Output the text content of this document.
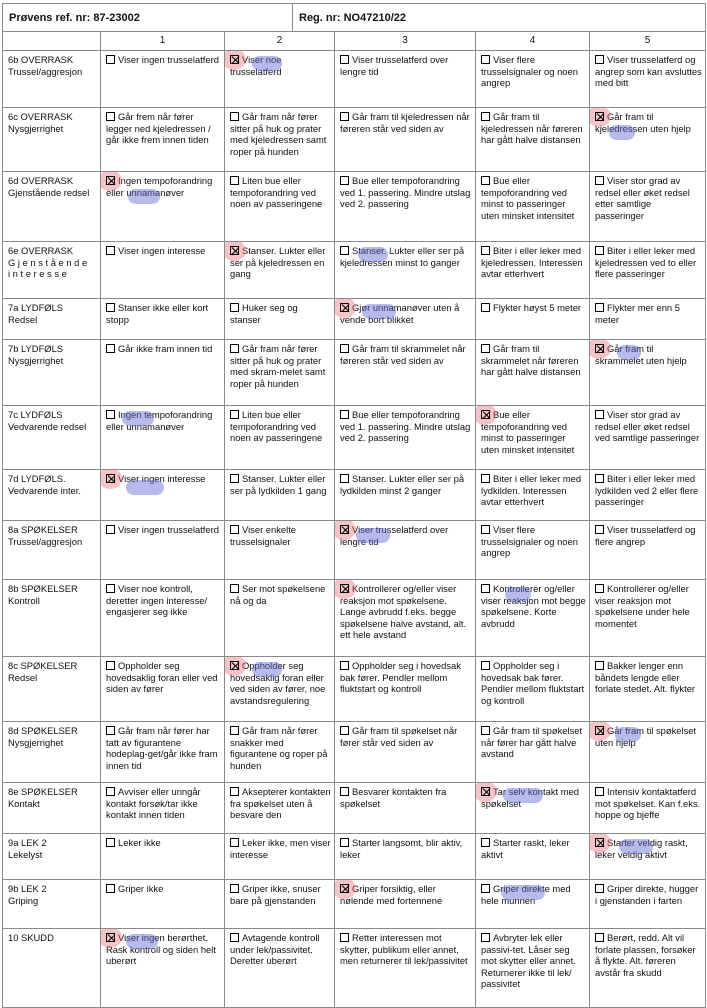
Prøvens ref. nr: 87-23002	Reg. nr: NO47210/22
	1	2	3	4	5

6b OVERRASK
Trussel/aggresjon	Viser ingen trusselatferd	Viser noe trusselatferd	Viser trusselatferd over lengre tid	Viser flere trusselsignaler og noen angrep	Viser trusselatferd og angrep som kan avsluttes med bitt

6c OVERRASK
Nysgjerrighet	Går frem når fører legger ned kjeledressen / går ikke frem innen tiden	Går fram når fører sitter på huk og prater med kjeledressen samt roper på hunden	Går fram til kjeledressen når føreren står ved siden av	Går fram til kjeledressen når føreren har gått halve distansen	Går fram til kjeledressen uten hjelp

6d OVERRASK
Gjenstående redsel	Ingen tempoforandring eller unnamanøver	Liten bue eller tempoforandring ved noen av passeringene	Bue eller tempoforandring ved 1. passering. Mindre utslag ved 2. passering	Bue eller tempoforandring ved minst to passeringer uten minsket intensitet	Viser stor grad av redsel eller øket redsel etter samtlige passeringer

6e OVERRASK
Gjenstående interesse	Viser ingen interesse	Stanser. Lukter eller ser på kjeledressen en gang	Stanser. Lukter eller ser på kjeledressen minst to ganger	Biter i eller leker med kjeledressen. Interessen avtar etterhvert	Biter i eller leker med kjeledressen ved to eller flere passeringer

7a LYDFØLS
Redsel	Stanser ikke eller kort stopp	Huker seg og stanser	Gjør unnamanøver uten å vende bort blikket	Flykter høyst 5 meter	Flykter mer enn 5 meter

7b LYDFØLS
Nysgjerrighet	Går ikke fram innen tid	Går fram når fører sitter på huk og prater med skram-melet samt roper på hunden	Går fram til skrammelet når føreren står ved siden av	Går fram til skrammelet når føreren har gått halve distansen	Går fram til skrammelet uten hjelp

7c LYDFØLS
Vedvarende redsel	Ingen tempoforandring eller unnamanøver	Liten bue eller tempoforandring ved noen av passeringene	Bue eller tempoforandring ved 1. passering. Mindre utslag ved 2. passering	Bue eller tempoforandring ved minst to passeringer uten minsket intensitet	Viser stor grad av redsel eller øket redsel ved samtlige passeringer

7d LYDFØLS.
Vedvarende inter.	Viser ingen interesse	Stanser. Lukter eller ser på lydkilden 1 gang	Stanser. Lukter eller ser på lydkilden minst 2 ganger	Biter i eller leker med lydkilden. Interessen avtar etterhvert	Biter i eller leker med lydkilden ved 2 eller flere passeringer

8a SPØKELSER
Trussel/aggresjon	Viser ingen trusselatferd	Viser enkelte trusselsignaler	Viser trusselatferd over lengre tid	Viser flere trusselsignaler og noen angrep	Viser trusselatferd og flere angrep

8b SPØKELSER
Kontroll	Viser noe kontroll, deretter ingen interesse/ engasjerer seg ikke	Ser mot spøkelsene nå og da	Kontrollerer og/eller viser reaksjon mot spøkelsene. Lange avbrudd f.eks. begge spøkelsene halve avstand, alt. ett hele avstand	Kontrollerer og/eller viser reaksjon mot begge spøkelsene. Korte avbrudd	Kontrollerer og/eller viser reaksjon mot spøkelsene under hele momentet

8c SPØKELSER
Redsel	Oppholder seg hovedsaklig foran eller ved siden av fører	Oppholder seg hovedsaklig foran eller ved siden av fører, noe avstandsregulering	Oppholder seg i hovedsak bak fører. Pendler mellom fluktstart og kontroll	Oppholder seg i hovedsak bak fører. Pendler mellom fluktstart og kontroll	Bakker lenger enn båndets lengde eller forlate stedet. Alt. flykter

8d SPØKELSER
Nysgjerrighet	Går fram når fører har tatt av figurantene hodeplag-get/går ikke fram innen tid	Går fram når fører snakker med figurantene og roper på hunden	Går fram til spøkelset når fører står ved siden av	Går fram til spøkelset når fører har gått halve avstand	Går fram til spøkelset uten hjelp

8e SPØKELSER
Kontakt	Avviser eller unngår kontakt forsøk/tar ikke kontakt innen tiden	Aksepterer kontakten fra spøkelset uten å besvare den	Besvarer kontakten fra spøkelset	Tar selv kontakt med spøkelset	Intensiv kontaktatferd mot spøkelset. Kan f.eks. hoppe og bjeffe

9a LEK 2
Lekelyst	Leker ikke	Leker ikke, men viser interesse	Starter langsomt, blir aktiv, leker	Starter raskt, leker aktivt	Starter veldig raskt, leker veldig aktivt

9b LEK 2
Griping	Griper ikke	Griper ikke, snuser bare på gjenstanden	Griper forsiktig, eller nølende med fortennene	Griper direkte med hele munnen	Griper direkte, hugger i gjenstanden i farten

10 SKUDD	Viser ingen berørthet. Rask kontroll og siden helt uberørt	Avtagende kontroll under lek/passivitet. Deretter uberørt	Retter interessen mot skytter, publikum eller annet, men returnerer til lek/passivitet	Avbryter lek eller passivi-tet. Låser seg mot skytter eller annet. Returnerer ikke til lek/ passivitet	Berørt, redd. Alt vil forlate plassen, forsøker å flykte. Alt. føreren avstår fra skudd
